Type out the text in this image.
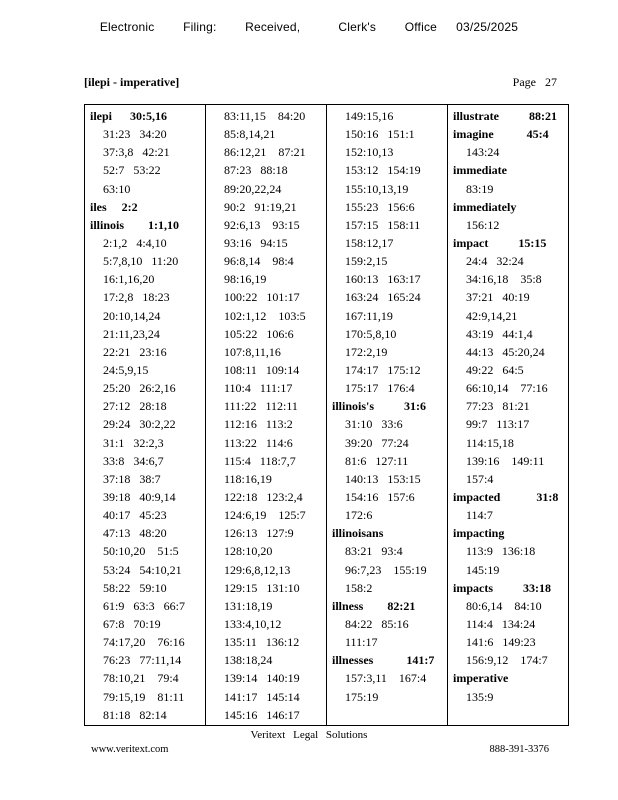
Electronic   Filing:   Received,    Clerk's   Office  03/25/2025
[ilepi - imperative]	Page 27
ilepi      30:5,16
31:23   34:20
37:3,8   42:21
52:7   53:22
63:10
iles     2:2
illinois        1:1,10
2:1,2   4:4,10
5:7,8,10   11:20
16:1,16,20
17:2,8   18:23
20:10,14,24
21:11,23,24
22:21   23:16
24:5,9,15
25:20   26:2,16
27:12   28:18
29:24   30:2,22
31:1   32:2,3
33:8   34:6,7
37:18   38:7
39:18   40:9,14
40:17   45:23
47:13   48:20
50:10,20    51:5
53:24   54:10,21
58:22   59:10
61:9   63:3   66:7
67:8   70:19
74:17,20    76:16
76:23   77:11,14
78:10,21    79:4
79:15,19    81:11
81:18   82:14
83:11,15    84:20
85:8,14,21
86:12,21    87:21
87:23   88:18
89:20,22,24
90:2   91:19,21
92:6,13    93:15
93:16   94:15
96:8,14    98:4
98:16,19
100:22   101:17
102:1,12    103:5
105:22   106:6
107:8,11,16
108:11   109:14
110:4   111:17
111:22   112:11
112:16   113:2
113:22   114:6
115:4   118:7,7
118:16,19
122:18   123:2,4
124:6,19    125:7
126:13   127:9
128:10,20
129:6,8,12,13
129:15   131:10
131:18,19
133:4,10,12
135:11   136:12
138:18,24
139:14   140:19
141:17   145:14
145:16   146:17
149:15,16
150:16   151:1
152:10,13
153:12   154:19
155:10,13,19
155:23   156:6
157:15   158:11
158:12,17
159:2,15
160:13   163:17
163:24   165:24
167:11,19
170:5,8,10
172:2,19
174:17   175:12
175:17   176:4
illinois's          31:6
31:10   33:6
39:20   77:24
81:6   127:11
140:13   153:15
154:16   157:6
172:6
illinoisans
83:21   93:4
96:7,23    155:19
158:2
illness        82:21
84:22   85:16
111:17
illnesses           141:7
157:3,11    167:4
175:19
illustrate          88:21
imagine           45:4
143:24
immediate
83:19
immediately
156:12
impact          15:15
24:4   32:24
34:16,18    35:8
37:21   40:19
42:9,14,21
43:19   44:1,4
44:13   45:20,24
49:22   64:5
66:10,14    77:16
77:23   81:21
99:7   113:17
114:15,18
139:16    149:11
157:4
impacted            31:8
114:7
impacting
113:9   136:18
145:19
impacts          33:18
80:6,14    84:10
114:4   134:24
141:6   149:23
156:9,12    174:7
imperative
135:9
Veritext Legal Solutions
www.veritext.com	888-391-3376
